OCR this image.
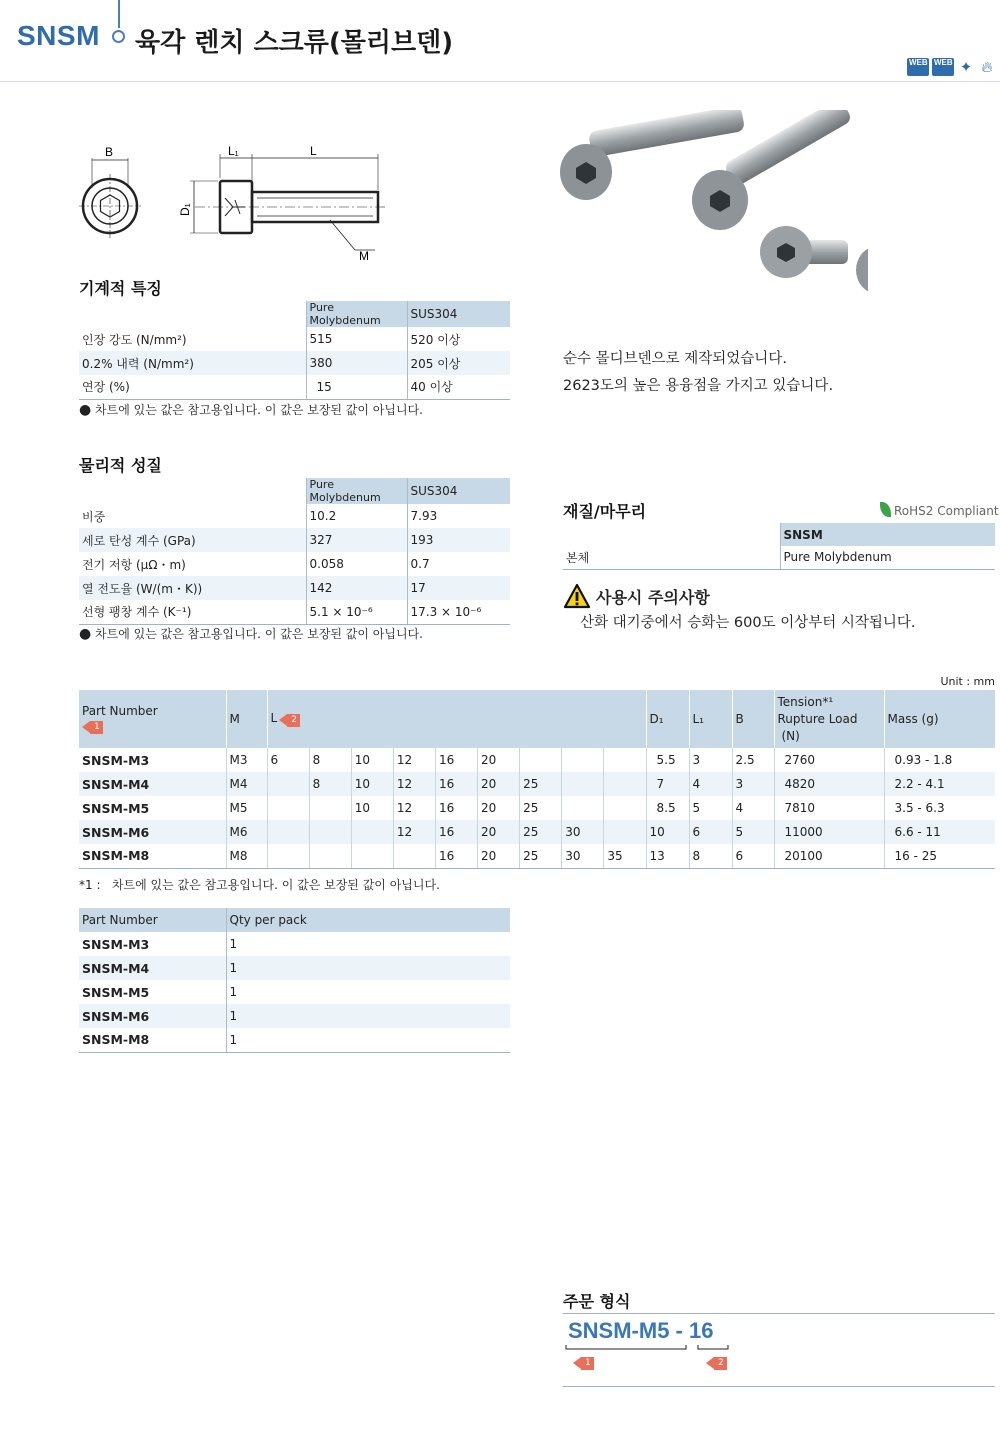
SNSM 육각 렌치 스크류(몰리브덴)
WEB WEB ✦ 🔥︎
B	L₁	L
D₁
M
기계적 특징
	Pure Molybdenum	SUS304
인장 강도 (N/mm²)	515	520 이상
0.2% 내력 (N/mm²)	380	205 이상
연장 (%)	15	40 이상
● 차트에 있는 값은 참고용입니다. 이 값은 보장된 값이 아닙니다.
순수 몰디브덴으로 제작되었습니다.
2623도의 높은 용융점을 가지고 있습니다.
물리적 성질
	Pure Molybdenum	SUS304
비중	10.2	7.93
세로 탄성 계수 (GPa)	327	193
전기 저항 (μΩ・m)	0.058	0.7
열 전도율 (W/(m・K))	142	17
선형 팽창 계수 (K⁻¹)	5.1 × 10⁻⁶	17.3 × 10⁻⁶
● 차트에 있는 값은 참고용입니다. 이 값은 보장된 값이 아닙니다.
재질/마무리	RoHS2 Compliant
	SNSM
본체	Pure Molybdenum
사용시 주의사항
산화 대기중에서 승화는 600도 이상부터 시작됩니다.
Unit : mm
Part Number
1	M	L 2									D₁	L₁	B	Tension*¹
Rupture Load
(N)	Mass (g)
SNSM-M3	M3	6	8	10	12	16	20				5.5	3	2.5	2760	0.93 - 1.8
SNSM-M4	M4		8	10	12	16	20	25			7	4	3	4820	2.2 - 4.1
SNSM-M5	M5			10	12	16	20	25			8.5	5	4	7810	3.5 - 6.3
SNSM-M6	M6				12	16	20	25	30		10	6	5	11000	6.6 - 11
SNSM-M8	M8					16	20	25	30	35	13	8	6	20100	16 - 25
*1 : 차트에 있는 값은 참고용입니다. 이 값은 보장된 값이 아닙니다.
Part Number	Qty per pack
SNSM-M3	1
SNSM-M4	1
SNSM-M5	1
SNSM-M6	1
SNSM-M8	1
주문 형식
SNSM-M5 - 16
1	2
